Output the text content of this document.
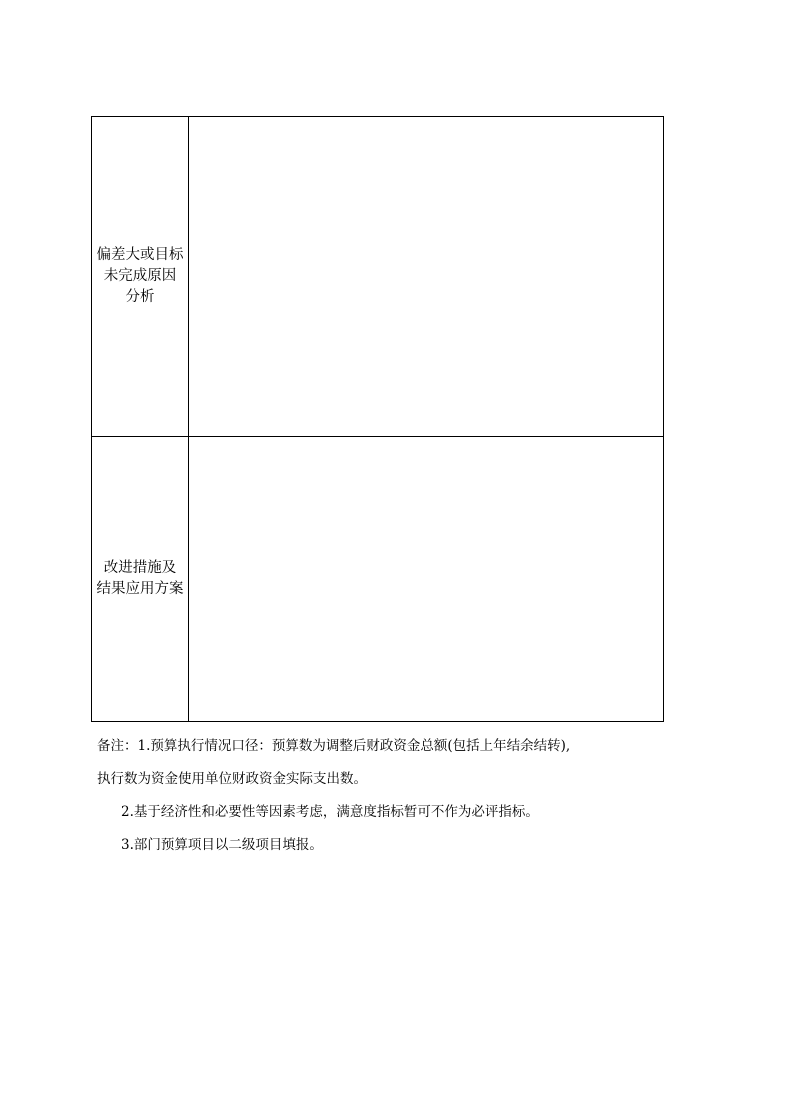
偏差大或目标
未完成原因
分析	
改进措施及
结果应用方案	

备注：1.预算执行情况口径：预算数为调整后财政资金总额(包括上年结余结转),

执行数为资金使用单位财政资金实际支出数。

2.基于经济性和必要性等因素考虑，满意度指标暂可不作为必评指标。

3.部门预算项目以二级项目填报。
